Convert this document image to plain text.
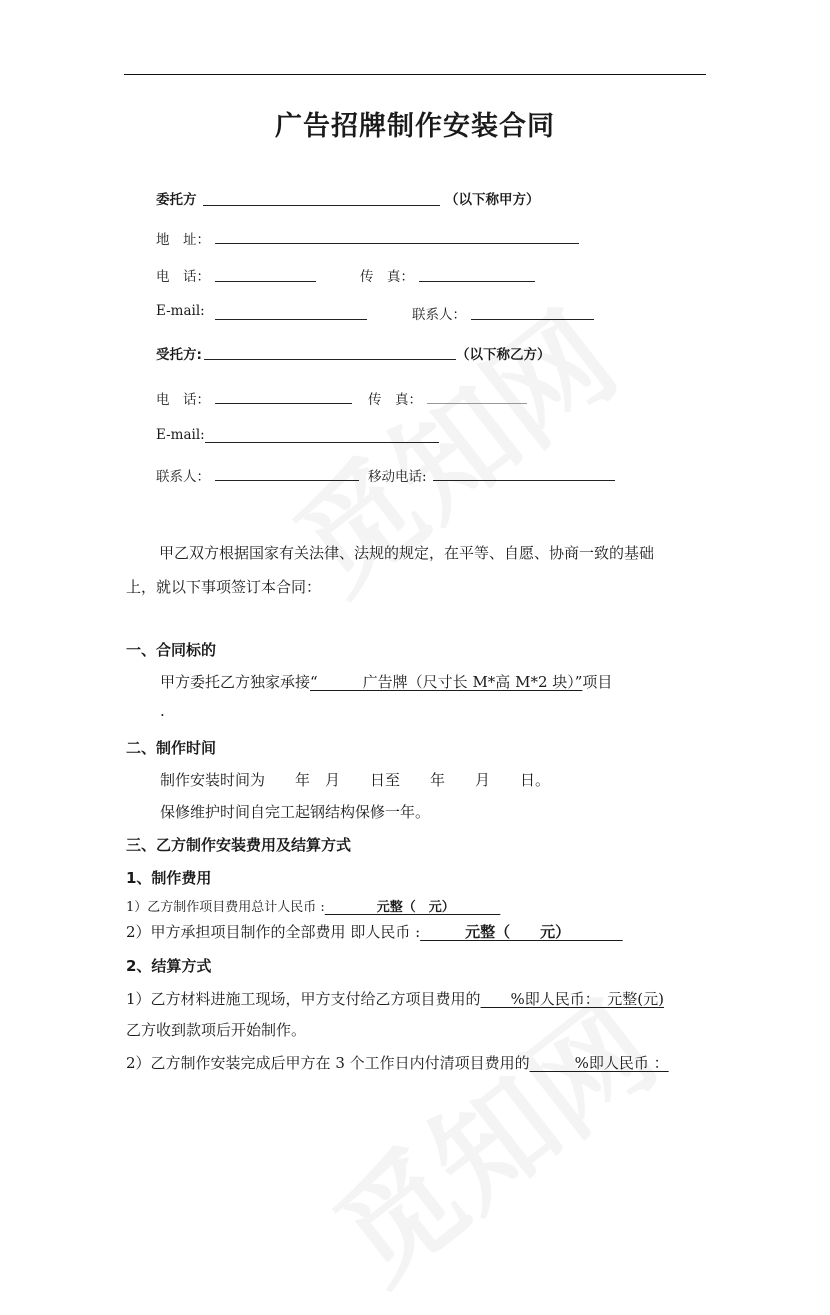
广告招牌制作安装合同
委托方	（以下称甲方）
地　址：
电　话：	传　真：
E-mail:	联系人：
受托方:	（以下称乙方）
电　话：	传　真：
E-mail:
联系人：	移动电话:
甲乙双方根据国家有关法律、法规的规定，在平等、自愿、协商一致的基础
上，就以下事项签订本合同：
一、合同标的
甲方委托乙方独家承接“　　　广告牌（尺寸长 M*高 M*2 块）”项目
.
二、制作时间
制作安装时间为　　年　月　　日至　　年　　月　　日。
保修维护时间自完工起钢结构保修一年。
三、乙方制作安装费用及结算方式
1、制作费用
1）乙方制作项目费用总计人民币 :　　　　元整（　元）　　　　
2）甲方承担项目制作的全部费用 即人民币 :　　　元整（　　元）　　　　
2、结算方式
1）乙方材料进施工现场，甲方支付给乙方项目费用的　　%即人民币：　元整(元)
乙方收到款项后开始制作。
2）乙方制作安装完成后甲方在 3 个工作日内付清项目费用的　　　%即人民币 ：
